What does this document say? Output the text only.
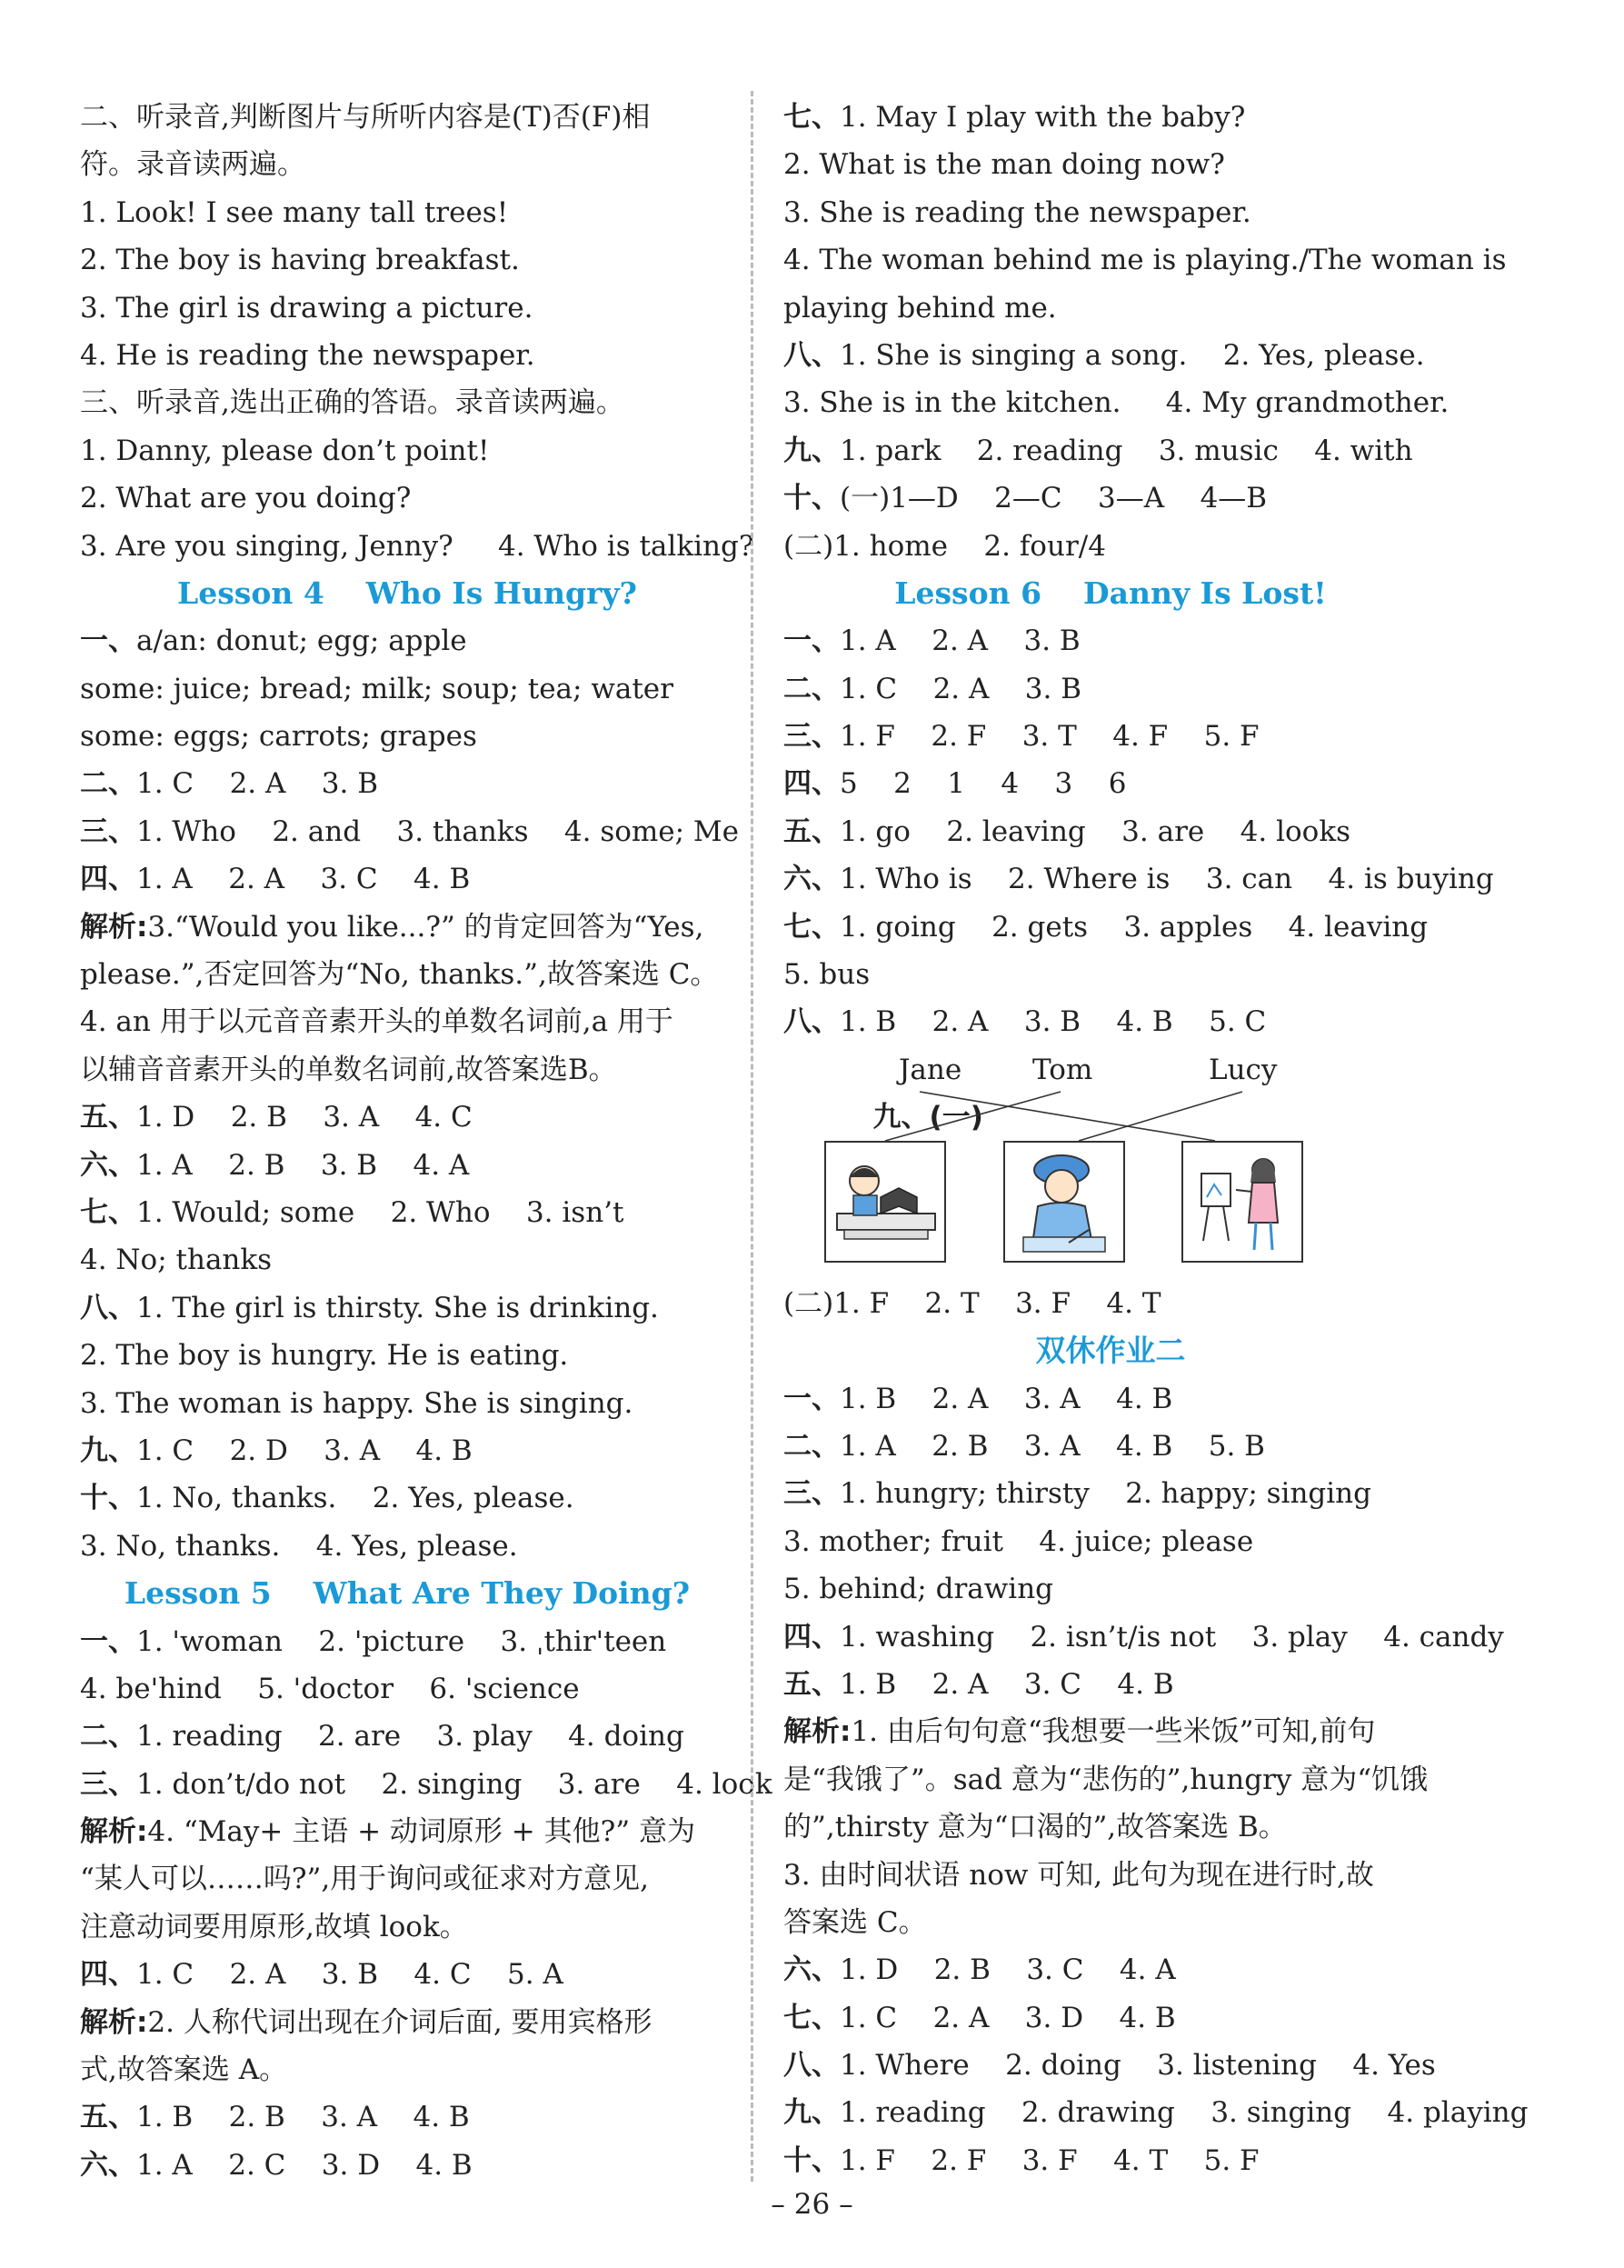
二、听录音,判断图片与所听内容是(T)否(F)相
符。录音读两遍。
1. Look! I see many tall trees!
2. The boy is having breakfast.
3. The girl is drawing a picture.
4. He is reading the newspaper.
三、听录音,选出正确的答语。录音读两遍。
1. Danny, please don’t point!
2. What are you doing?
3. Are you singing, Jenny?     4. Who is talking?
Lesson 4    Who Is Hungry?
一、a/an: donut; egg; apple
some: juice; bread; milk; soup; tea; water
some: eggs; carrots; grapes
二、1. C    2. A    3. B
三、1. Who    2. and    3. thanks    4. some; Me
四、1. A    2. A    3. C    4. B
解析:3.“Would you like...?” 的肯定回答为“Yes,
please.”,否定回答为“No, thanks.”,故答案选 C。
4. an 用于以元音音素开头的单数名词前,a 用于
以辅音音素开头的单数名词前,故答案选B。
五、1. D    2. B    3. A    4. C
六、1. A    2. B    3. B    4. A
七、1. Would; some    2. Who    3. isn’t
4. No; thanks
八、1. The girl is thirsty. She is drinking.
2. The boy is hungry. He is eating.
3. The woman is happy. She is singing.
九、1. C    2. D    3. A    4. B
十、1. No, thanks.    2. Yes, please.
3. No, thanks.    4. Yes, please.
Lesson 5    What Are They Doing?
一、1. 'woman    2. 'picture    3. ˌthir'teen
4. be'hind    5. 'doctor    6. 'science
二、1. reading    2. are    3. play    4. doing
三、1. don’t/do not    2. singing    3. are    4. look
解析:4. “May+ 主语 + 动词原形 + 其他?” 意为
“某人可以……吗?”,用于询问或征求对方意见,
注意动词要用原形,故填 look。
四、1. C    2. A    3. B    4. C    5. A
解析:2. 人称代词出现在介词后面, 要用宾格形
式,故答案选 A。
五、1. B    2. B    3. A    4. B
六、1. A    2. C    3. D    4. B
七、1. May I play with the baby?
2. What is the man doing now?
3. She is reading the newspaper.
4. The woman behind me is playing./The woman is
playing behind me.
八、1. She is singing a song.    2. Yes, please.
3. She is in the kitchen.     4. My grandmother.
九、1. park    2. reading    3. music    4. with
十、(一)1—D    2—C    3—A    4—B
(二)1. home    2. four/4
Lesson 6    Danny Is Lost!
一、1. A    2. A    3. B
二、1. C    2. A    3. B
三、1. F    2. F    3. T    4. F    5. F
四、5    2    1    4    3    6
五、1. go    2. leaving    3. are    4. looks
六、1. Who is    2. Where is    3. can    4. is buying
七、1. going    2. gets    3. apples    4. leaving
5. bus
八、1. B    2. A    3. B    4. B    5. C

九、(一)

Jane	Tom	Lucy
(二)1. F    2. T    3. F    4. T
双休作业二
一、1. B    2. A    3. A    4. B
二、1. A    2. B    3. A    4. B    5. B
三、1. hungry; thirsty    2. happy; singing
3. mother; fruit    4. juice; please
5. behind; drawing
四、1. washing    2. isn’t/is not    3. play    4. candy
五、1. B    2. A    3. C    4. B
解析:1. 由后句句意“我想要一些米饭”可知,前句
是“我饿了”。sad 意为“悲伤的”,hungry 意为“饥饿
的”,thirsty 意为“口渴的”,故答案选 B。
3. 由时间状语 now 可知, 此句为现在进行时,故
答案选 C。
六、1. D    2. B    3. C    4. A
七、1. C    2. A    3. D    4. B
八、1. Where    2. doing    3. listening    4. Yes
九、1. reading    2. drawing    3. singing    4. playing
十、1. F    2. F    3. F    4. T    5. F
– 26 –
